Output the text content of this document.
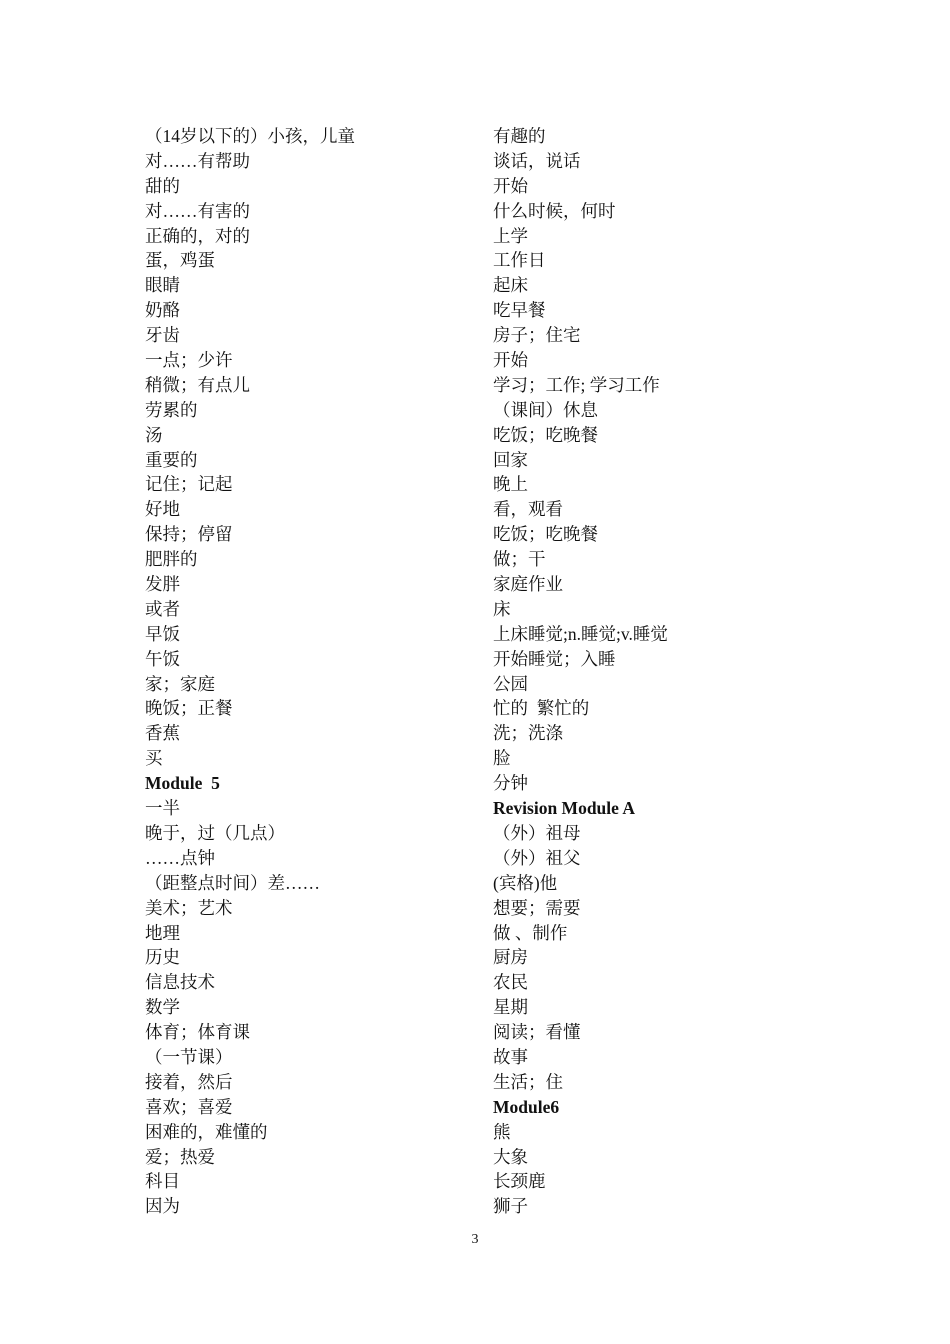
（14岁以下的）小孩，儿童
对……有帮助
甜的
对……有害的
正确的，对的
蛋，鸡蛋
眼睛
奶酪
牙齿
一点；少许
稍微；有点儿
劳累的
汤
重要的
记住；记起
好地
保持；停留
肥胖的
发胖
或者
早饭
午饭
家；家庭
晚饭；正餐
香蕉
买
Module  5
一半
晚于，过（几点）
……点钟
（距整点时间）差……
美术；艺术
地理
历史
信息技术
数学
体育；体育课
（一节课）
接着，然后
喜欢；喜爱
困难的，难懂的
爱；热爱
科目
因为
有趣的
谈话，说话
开始
什么时候，何时
上学
工作日
起床
吃早餐
房子；住宅
开始
学习；工作; 学习工作
（课间）休息
吃饭；吃晚餐
回家
晚上
看，观看
吃饭；吃晚餐
做；干
家庭作业
床
上床睡觉;n.睡觉;v.睡觉
开始睡觉；入睡
公园
忙的  繁忙的
洗；洗涤
脸
分钟
Revision Module A
（外）祖母
（外）祖父
(宾格)他
想要；需要
做 、制作
厨房
农民
星期
阅读；看懂
故事
生活；住
Module6
熊
大象
长颈鹿
狮子
3
